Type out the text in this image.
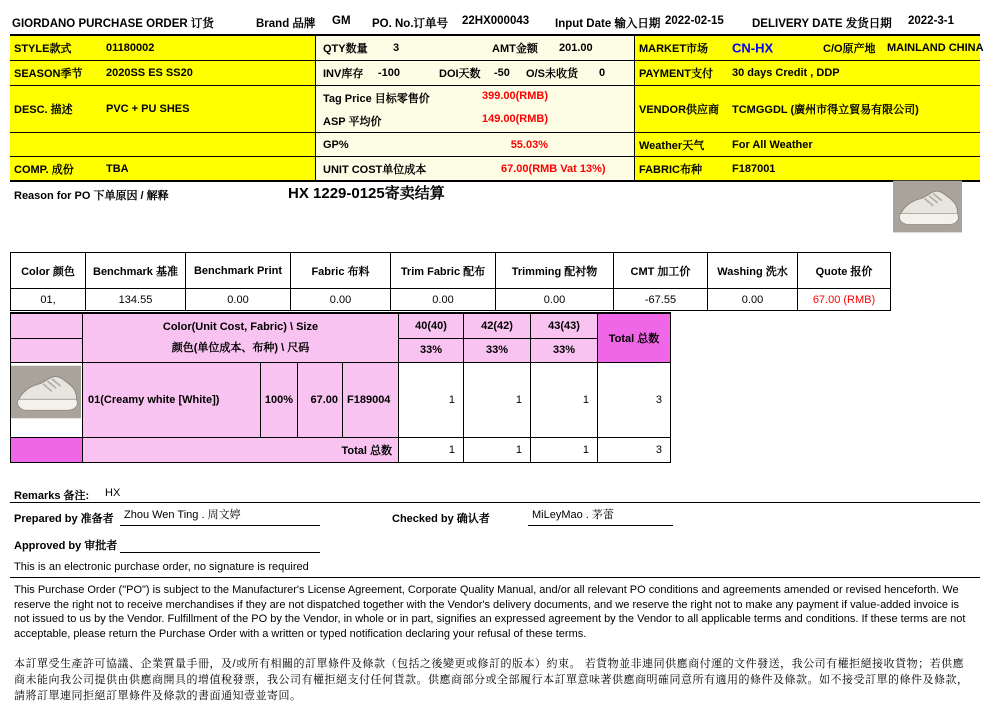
GIORDANO PURCHASE ORDER 订货	Brand 品牌 GM PO. No.订单号 22HX000043 Input Date 输入日期 2022-02-15 DELIVERY DATE 发货日期 2022-3-1
STYLE款式	01180002	QTY数量 3	AMT金额 201.00	MARKET市场 CN-HX	C/O原产地 MAINLAND CHINA
SEASON季节 2020SS ES SS20	INV库存 -100	DOI天数 -50 O/S未收货 0	PAYMENT支付 30 days Credit , DDP
DESC. 描述	PVC + PU SHES
Tag Price 目标零售价	399.00(RMB)
ASP 平均价	149.00(RMB)
VENDOR供应商 TCMGGDL (廣州市得立貿易有限公司)
GP%	55.03%	Weather天气	For All Weather
COMP. 成份	TBA	UNIT COST单位成本	67.00(RMB Vat 13%)	FABRIC布种	F187001
Reason for PO 下单原因 / 解释	HX 1229-0125寄卖结算
Color 颜色	Benchmark 基准	Benchmark Print	Fabric 布料	Trim Fabric 配布	Trimming 配衬物	CMT 加工价	Washing 洗水	Quote 报价
01,	134.55	0.00	0.00	0.00	0.00	-67.55	0.00	67.00 (RMB)

	Color(Unit Cost, Fabric) \ Size
颜色(单位成本、布种) \ 尺码				40(40)	42(42)	43(43)	Total 总数
					33%	33%	33%	
	01(Creamy white [White])	100%	67.00	F189004	1	1	1	3
	Total 总数				1	1	1	3
Remarks 备注: HX
Prepared by 准备者 Zhou Wen Ting . 周文婷	Checked by 确认者	MiLeyMao . 茅蕾
Approved by 审批者
This is an electronic purchase order, no signature is required
This Purchase Order ("PO") is subject to the Manufacturer's License Agreement, Corporate Quality Manual, and/or all relevant PO conditions and agreements amended or revised henceforth. We reserve the right not to receive merchandises if they are not dispatched together with the Vendor's delivery documents, and we reserve the right not to make any payment if value-added invoice is not issued to us by the Vendor. Fulfillment of the PO by the Vendor, in whole or in part, signifies an expressed agreement by the Vendor to all applicable terms and conditions. If these terms are not acceptable, please return the Purchase Order with a written or typed notification declaring your refusal of these terms.
本訂單受生產許可協議、企業質量手冊，及/或所有相關的訂單條件及條款（包括之後變更或修訂的版本）約束。 若貨物並非連同供應商付運的文件發送，我公司有權拒絕接收貨物；若供應商未能向我公司提供由供應商開具的增值稅發票，我公司有權拒絕支付任何貨款。供應商部分或全部履行本訂單意味著供應商明確同意所有適用的條件及條款。如不接受訂單的條件及條款，請將訂單連同拒絕訂單條件及條款的書面通知壹並寄回。
